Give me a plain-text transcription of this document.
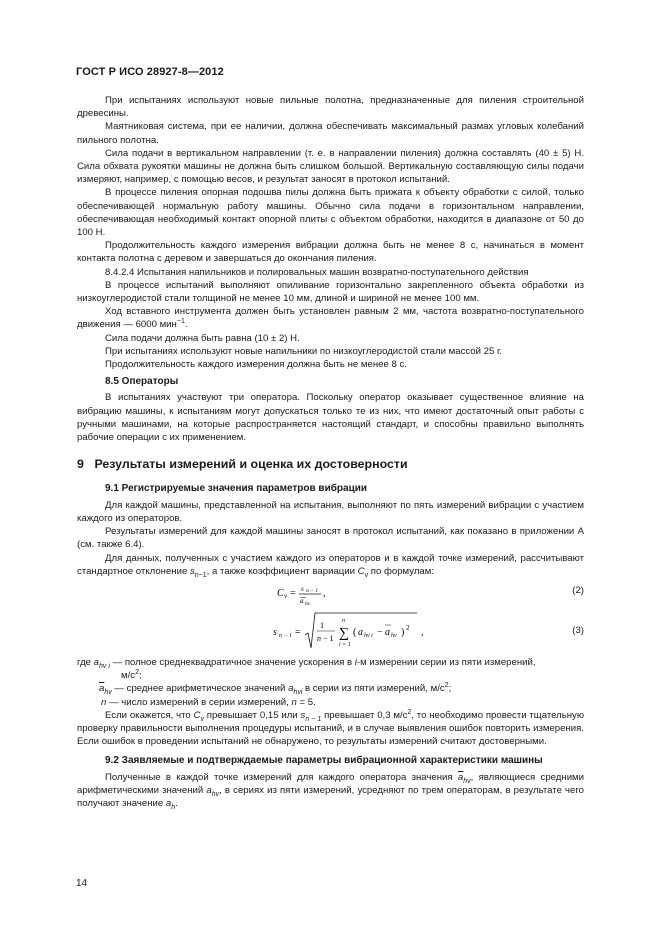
ГОСТ Р ИСО 28927-8—2012

При испытаниях используют новые пильные полотна, предназначенные для пиления строительной древесины.

Маятниковая система, при ее наличии, должна обеспечивать максимальный размах угловых колебаний пильного полотна.

Сила подачи в вертикальном направлении (т. е. в направлении пиления) должна составлять (40 ± 5) Н. Сила обхвата рукоятки машины не должна быть слишком большой. Вертикальную составляющую силы подачи измеряют, например, с помощью весов, и результат заносят в протокол испытаний.

В процессе пиления опорная подошва пилы должна быть прижата к объекту обработки с силой, только обеспечивающей нормальную работу машины. Обычно сила подачи в горизонтальном направлении, обеспечивающая необходимый контакт опорной плиты с объектом обработки, находится в диапазоне от 50 до 100 Н.

Продолжительность каждого измерения вибрации должна быть не менее 8 с, начинаться в момент контакта полотна с деревом и завершаться до окончания пиления.

8.4.2.4 Испытания напильников и полировальных машин возвратно-поступательного действия

В процессе испытаний выполняют опиливание горизонтально закрепленного объекта обработки из низкоуглеродистой стали толщиной не менее 10 мм, длиной и шириной не менее 100 мм.

Ход вставного инструмента должен быть установлен равным 2 мм, частота возвратно-поступательного движения — 6000 мин$^{-1}$.

Сила подачи должна быть равна (10 ± 2) Н.

При испытаниях используют новые напильники по низкоуглеродистой стали массой 25 г.

Продолжительность каждого измерения должна быть не менее 8 с.

8.5 Операторы

В испытаниях участвуют три оператора. Поскольку оператор оказывает существенное влияние на вибрацию машины, к испытаниям могут допускаться только те из них, что имеют достаточный опыт работы с ручными машинами, на которые распространяется настоящий стандарт, и способны правильно выполнять рабочие операции с их применением.

9 Результаты измерений и оценка их достоверности
9.1 Регистрируемые значения параметров вибрации

Для каждой машины, представленной на испытания, выполняют по пять измерений вибрации с участием каждого из операторов.

Результаты измерений для каждой машины заносят в протокол испытаний, как показано в приложении А (см. также 6.4).

Для данных, полученных с участием каждого из операторов и в каждой точке измерений, рассчитывают стандартное отклонение $s_{n-1}$, а также коэффициент вариации $C_v$ по формулам:

C v = s n − 1
a hv
,	(2)
s n − 1 =
1
n − 1 ∑
n
i = 1
( a hv i − a hv ) 2 ,	(3)

где $a_{hv i}$ — полное среднеквадратичное значение ускорения в i-м измерении серии из пяти измерений,

$м/с^2$;

$\overline{a}_{hv}$ — среднее арифметическое значений $a_{hvi}$ в серии из пяти измерений, $м/с^2$;

n — число измерений в серии измерений, n = 5.

Если окажется, что $C_v$ превышает 0,15 или $s_{n - 1}$ превышает 0,3 $м/с^2$, то необходимо провести тщательную проверку правильности выполнения процедуры испытаний, и в случае выявления ошибок повторить измерения. Если ошибок в проведении испытаний не обнаружено, то результаты измерений считают достоверными.

9.2 Заявляемые и подтверждаемые параметры вибрационной характеристики машины

Полученные в каждой точке измерений для каждого оператора значения $\overline{a}_{hv}$, являющиеся средними арифметическими значений $a_{hv}$, в сериях из пяти измерений, усредняют по трем операторам, в результате чего получают значение $a_h$.

14
